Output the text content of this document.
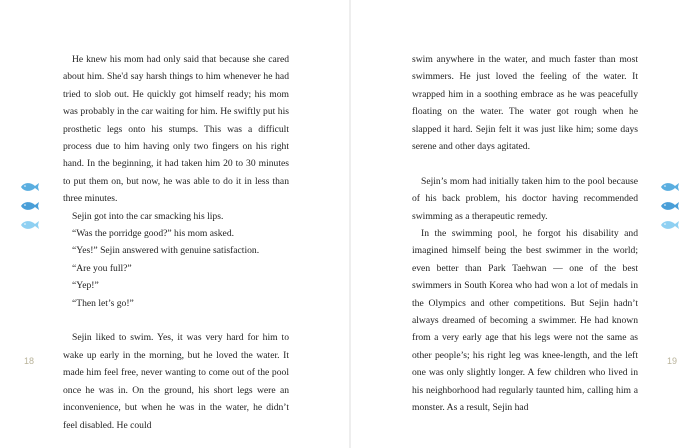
He knew his mom had only said that because she cared about him. She'd say harsh things to him whenever he had tried to slob out. He quickly got himself ready; his mom was probably in the car waiting for him. He swiftly put his prosthetic legs onto his stumps. This was a difficult process due to him having only two fingers on his right hand. In the beginning, it had taken him 20 to 30 minutes to put them on, but now, he was able to do it in less than three minutes.

Sejin got into the car smacking his lips.

“Was the porridge good?” his mom asked.

“Yes!” Sejin answered with genuine satisfaction.

“Are you full?”

“Yep!”

“Then let’s go!”

Sejin liked to swim. Yes, it was very hard for him to wake up early in the morning, but he loved the water. It made him feel free, never wanting to come out of the pool once he was in. On the ground, his short legs were an inconvenience, but when he was in the water, he didn’t feel disabled. He could

18

swim anywhere in the water, and much faster than most swimmers. He just loved the feeling of the water. It wrapped him in a soothing embrace as he was peacefully floating on the water. The water got rough when he slapped it hard. Sejin felt it was just like him; some days serene and other days agitated.

Sejin’s mom had initially taken him to the pool because of his back problem, his doctor having recommended swimming as a therapeutic remedy.

In the swimming pool, he forgot his disability and imagined himself being the best swimmer in the world; even better than Park Taehwan — one of the best swimmers in South Korea who had won a lot of medals in the Olympics and other competitions. But Sejin hadn’t always dreamed of becoming a swimmer. He had known from a very early age that his legs were not the same as other people’s; his right leg was knee-length, and the left one was only slightly longer. A few children who lived in his neighborhood had regularly taunted him, calling him a monster. As a result, Sejin had

19
